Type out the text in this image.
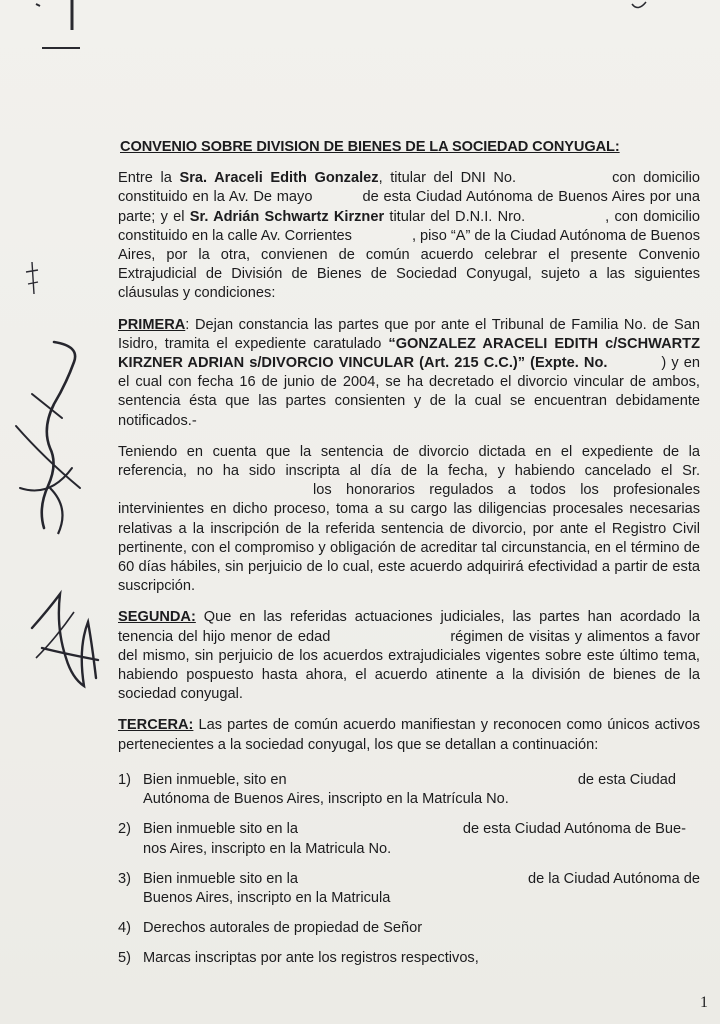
CONVENIO SOBRE DIVISION DE BIENES DE LA SOCIEDAD CONYUGAL:

Entre la Sra. Araceli Edith Gonzalez, titular del DNI No.	con domicilio constituido en la Av. De mayo	de esta Ciudad Autónoma de Buenos Aires por una parte; y el Sr. Adrián Schwartz Kirzner titular del D.N.I. Nro.	, con domicilio constituido en la calle Av. Corrientes	, piso “A” de la Ciudad Autónoma de Buenos Aires, por la otra, convienen de común acuerdo celebrar el presente Convenio Extrajudicial de División de Bienes de Sociedad Conyugal, sujeto a las siguientes cláusulas y condiciones:

PRIMERA: Dejan constancia las partes que por ante el Tribunal de Familia No. de San Isidro, tramita el expediente caratulado “GONZALEZ ARACELI EDITH c/SCHWARTZ KIRZNER ADRIAN s/DIVORCIO VINCULAR (Art. 215 C.C.)” (Expte. No.	) y en el cual con fecha 16 de junio de 2004, se ha decretado el divorcio vincular de ambos, sentencia ésta que las partes consienten y de la cual se encuentran debidamente notificados.-

Teniendo en cuenta que la sentencia de divorcio dictada en el expediente de la referencia, no ha sido inscripta al día de la fecha, y habiendo cancelado el Sr.los honorarios regulados a todos los profesionales intervinientes en dicho proceso, toma a su cargo las diligencias procesales necesarias relativas a la inscripción de la referida sentencia de divorcio, por ante el Registro Civil pertinente, con el compromiso y obligación de acreditar tal circunstancia, en el término de 60 días hábiles, sin perjuicio de lo cual, este acuerdo adquirirá efectividad a partir de esta suscripción.

SEGUNDA: Que en las referidas actuaciones judiciales, las partes han acordado la tenencia del hijo menor de edad	régimen de visitas y alimentos a favor del mismo, sin perjuicio de los acuerdos extrajudiciales vigentes sobre este último tema, habiendo pospuesto hasta ahora, el acuerdo atinente a la división de bienes de la sociedad conyugal.

TERCERA: Las partes de común acuerdo manifiestan y reconocen como únicos activos pertenecientes a la sociedad conyugal, los que se detallan a continuación:

1)	de esta Ciudad
Bien inmueble, sito en
Autónoma de Buenos Aires, inscripto en la Matrícula No.
2)	de esta Ciudad Autónoma de Bue-
Bien inmueble sito en la
nos Aires, inscripto en la Matricula No.
3)	de la Ciudad Autónoma de
Bien inmueble sito en la
Buenos Aires, inscripto en la Matricula
4) Derechos autorales de propiedad de Señor
5) Marcas inscriptas por ante los registros respectivos,
1
